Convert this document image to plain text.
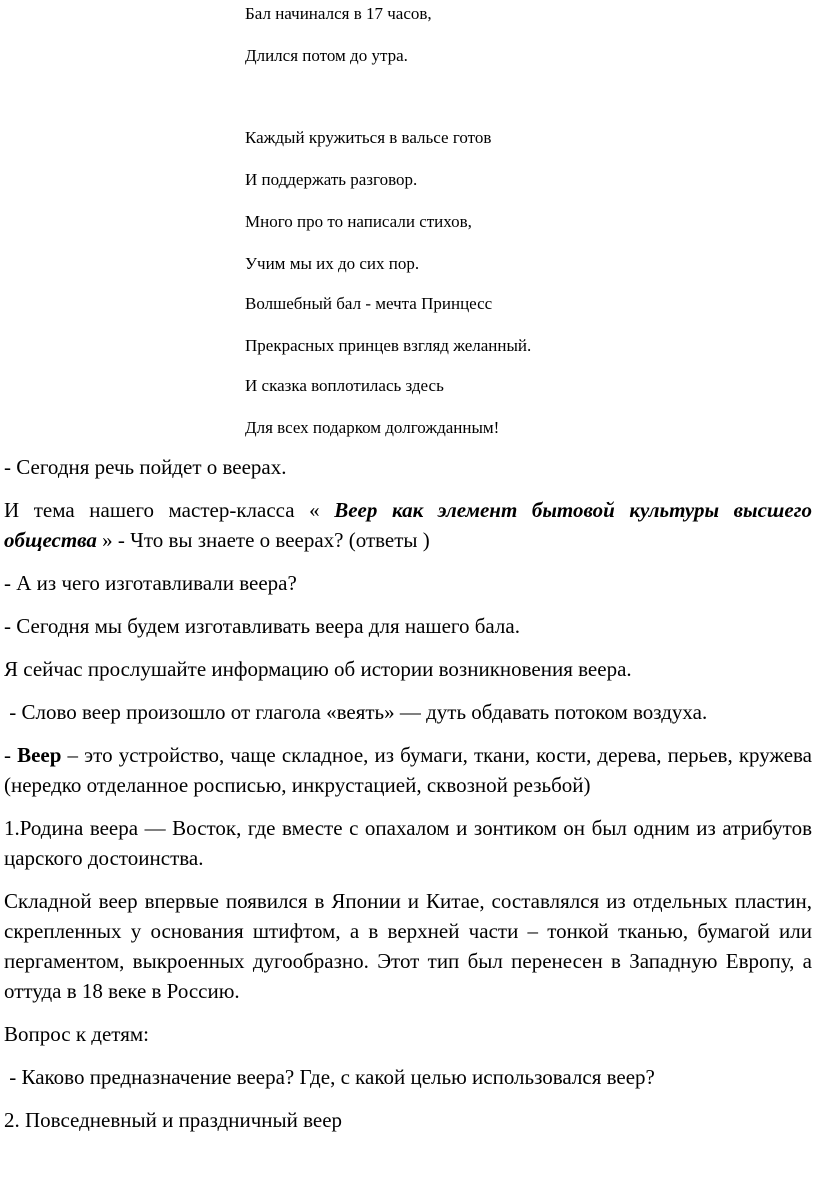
Бал начинался в 17 часов,
Длился потом до утра.
Каждый кружиться в вальсе готов
И поддержать разговор.
Много про то написали стихов,
Учим мы их до сих пор.
Волшебный бал - мечта Принцесс
Прекрасных принцев взгляд желанный.
И сказка воплотилась здесь
Для всех подарком долгожданным!

- Сегодня речь пойдет о веерах.

И тема нашего мастер-класса « Веер как элемент бытовой культуры высшего общества » - Что вы знаете о веерах? (ответы )

- А из чего изготавливали веера?

- Сегодня мы будем изготавливать веера для нашего бала.

Я сейчас прослушайте информацию об истории возникновения веера.

- Слово веер произошло от глагола «веять» — дуть обдавать потоком воздуха.

- Веер – это устройство, чаще складное, из бумаги, ткани, кости, дерева, перьев, кружева (нередко отделанное росписью, инкрустацией, сквозной резьбой)

1.Родина веера — Восток, где вместе с опахалом и зонтиком он был одним из атрибутов царского достоинства.

Складной веер впервые появился в Японии и Китае, составлялся из отдельных пластин, скрепленных у основания штифтом, а в верхней части – тонкой тканью, бумагой или пергаментом, выкроенных дугообразно. Этот тип был перенесен в Западную Европу, а оттуда в 18 веке в Россию.

Вопрос к детям:

- Каково предназначение веера? Где, с какой целью использовался веер?

2. Повседневный и праздничный веер
